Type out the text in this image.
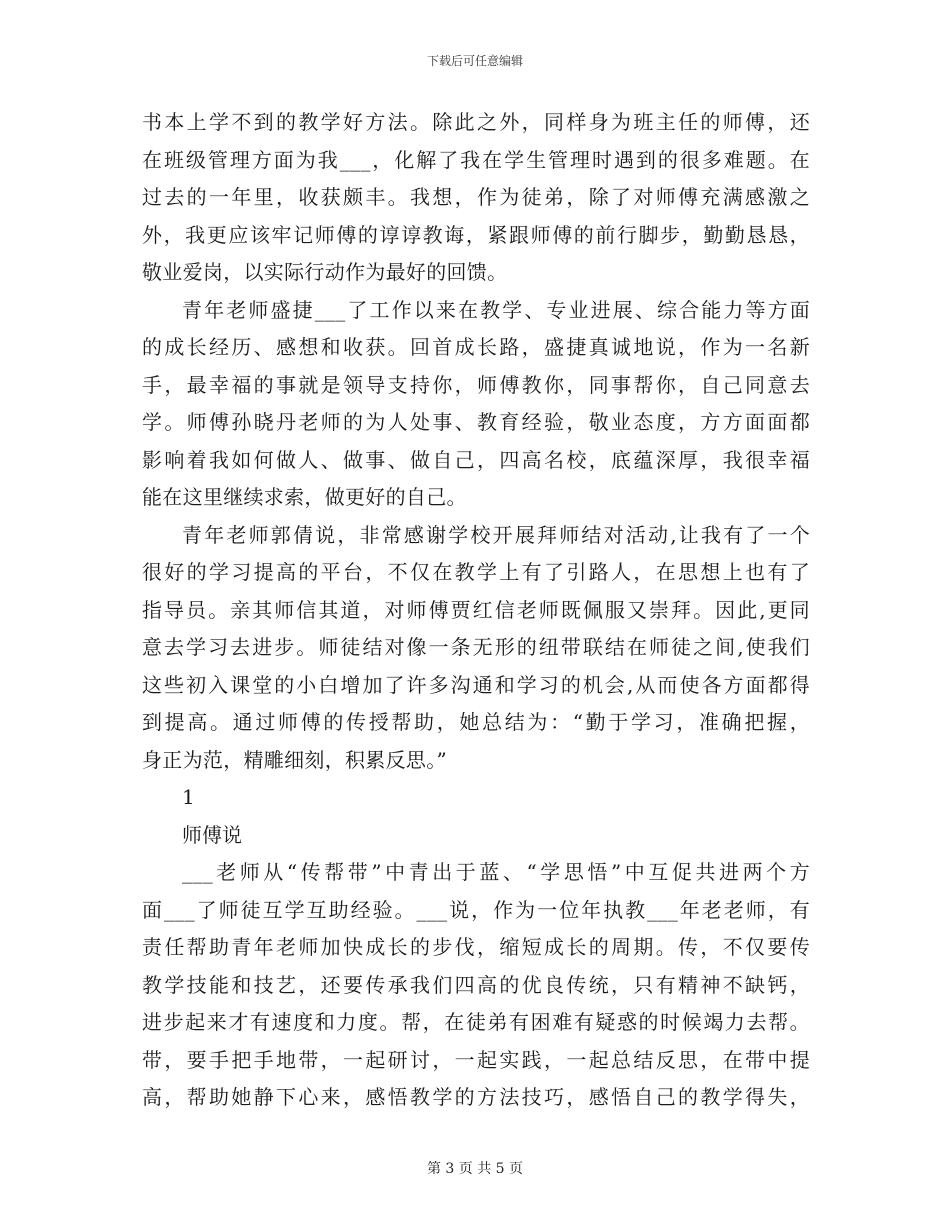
下载后可任意编辑
书本上学不到的教学好方法。除此之外，同样身为班主任的师傅，还
在班级管理方面为我___，化解了我在学生管理时遇到的很多难题。在
过去的一年里，收获颇丰。我想，作为徒弟，除了对师傅充满感激之
外，我更应该牢记师傅的谆谆教诲，紧跟师傅的前行脚步，勤勤恳恳，
敬业爱岗，以实际行动作为最好的回馈。
青年老师盛捷___了工作以来在教学、专业进展、综合能力等方面
的成长经历、感想和收获。回首成长路，盛捷真诚地说，作为一名新
手，最幸福的事就是领导支持你，师傅教你，同事帮你，自己同意去
学。师傅孙晓丹老师的为人处事、教育经验，敬业态度，方方面面都
影响着我如何做人、做事、做自己，四高名校，底蕴深厚，我很幸福
能在这里继续求索，做更好的自己。
青年老师郭倩说，非常感谢学校开展拜师结对活动,让我有了一个
很好的学习提高的平台，不仅在教学上有了引路人，在思想上也有了
指导员。亲其师信其道，对师傅贾红信老师既佩服又崇拜。因此,更同
意去学习去进步。师徒结对像一条无形的纽带联结在师徒之间,使我们
这些初入课堂的小白增加了许多沟通和学习的机会,从而使各方面都得
到提高。通过师傅的传授帮助，她总结为：“勤于学习，准确把握，
身正为范，精雕细刻，积累反思。”
1
师傅说
___老师从“传帮带”中青出于蓝、“学思悟”中互促共进两个方
面___了师徒互学互助经验。___说，作为一位年执教___年老老师，有
责任帮助青年老师加快成长的步伐，缩短成长的周期。传，不仅要传
教学技能和技艺，还要传承我们四高的优良传统，只有精神不缺钙，
进步起来才有速度和力度。帮，在徒弟有困难有疑惑的时候竭力去帮。
带，要手把手地带，一起研讨，一起实践，一起总结反思，在带中提
高，帮助她静下心来，感悟教学的方法技巧，感悟自己的教学得失，
第 3 页 共 5 页
